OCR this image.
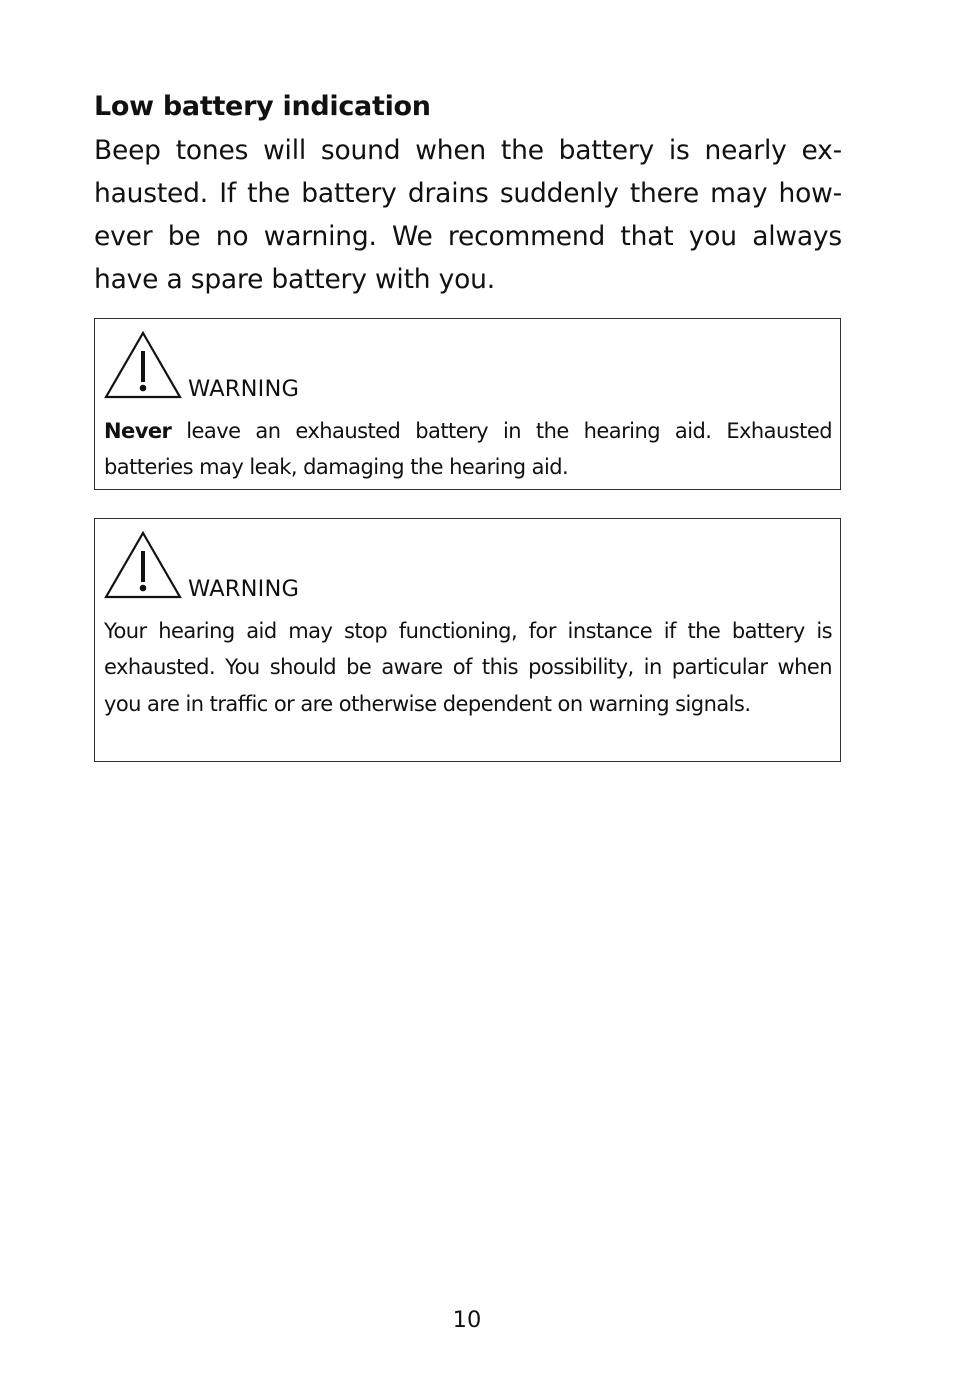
Low battery indication

Beep tones will sound when the battery is nearly ex- hausted. If the battery drains suddenly there may how- ever be no warning. We recommend that you always have a spare battery with you.

WARNING

Never leave an exhausted battery in the hearing aid. Exhausted batteries may leak, damaging the hearing aid.

WARNING

Your hearing aid may stop functioning, for instance if the battery is exhausted. You should be aware of this possibility, in particular when you are in traffic or are otherwise dependent on warning signals.

10
